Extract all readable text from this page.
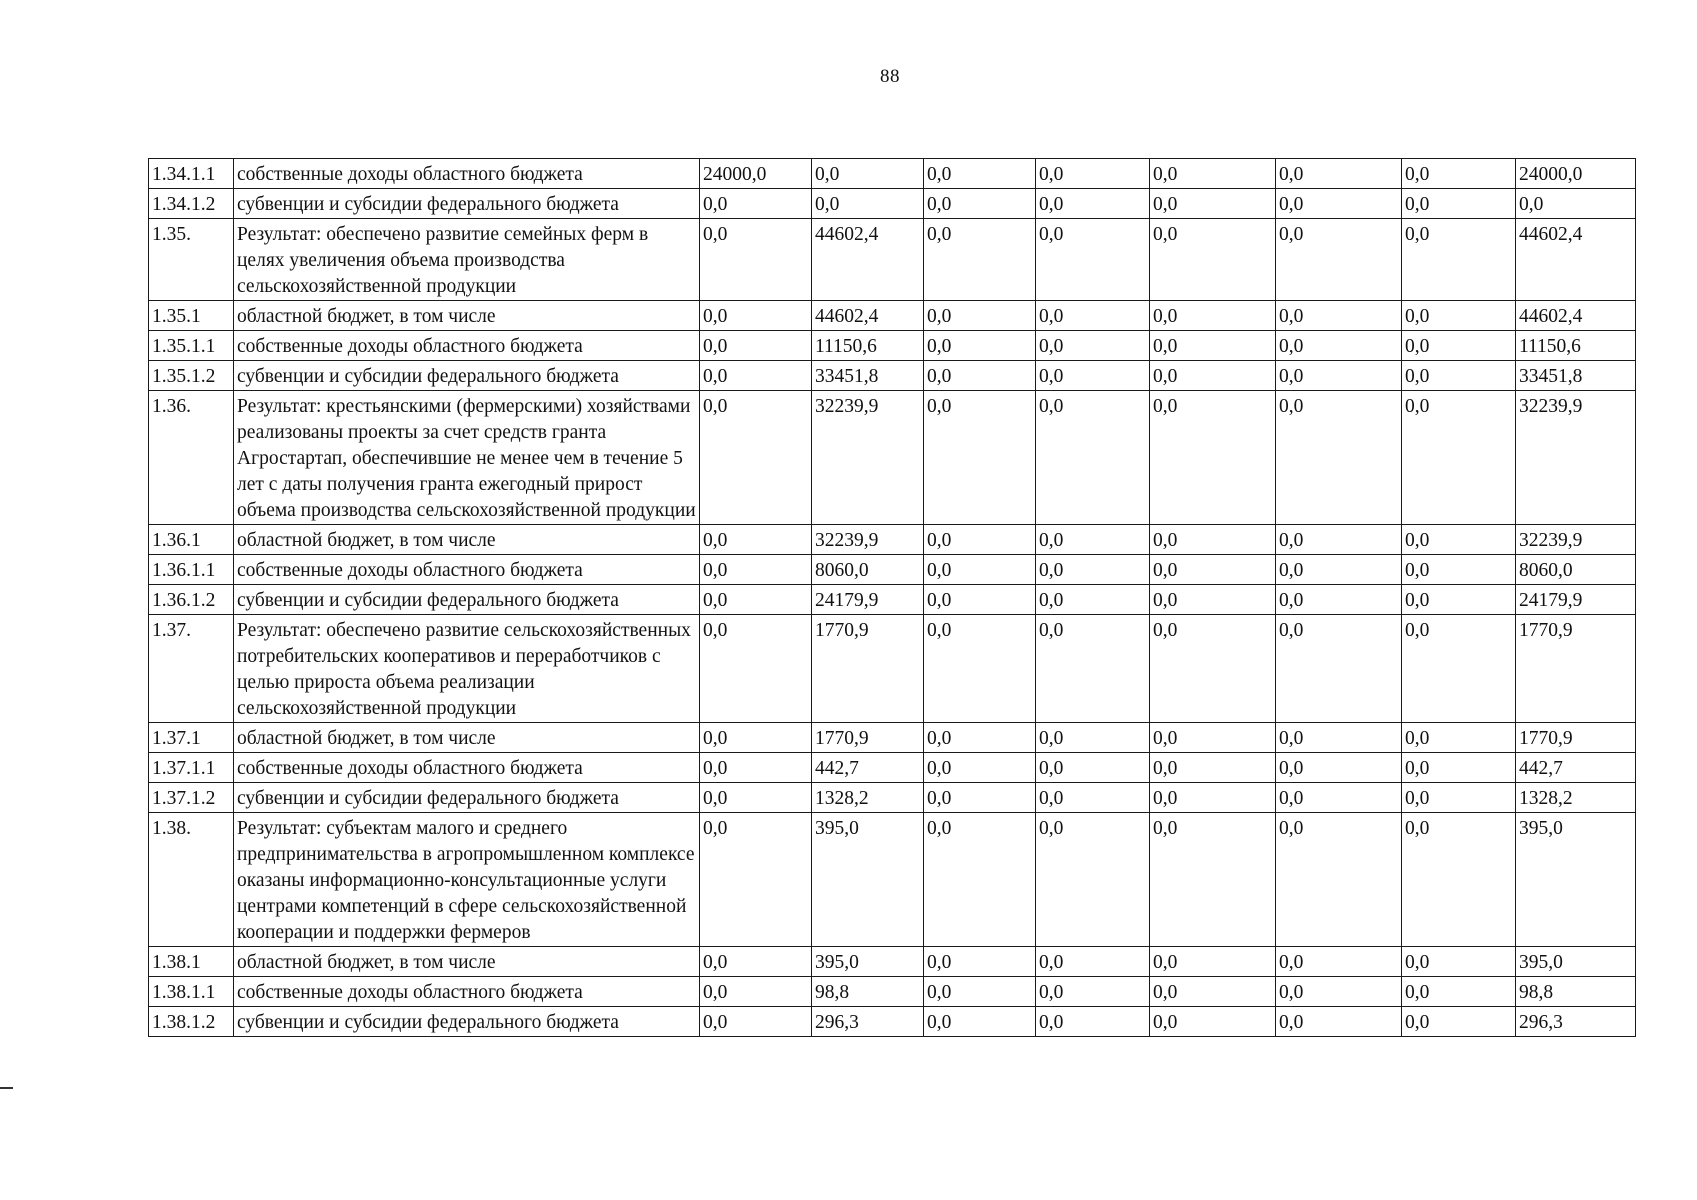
88
1.34.1.1	собственные доходы областного бюджета	24000,0	0,0	0,0	0,0	0,0	0,0	0,0	24000,0
1.34.1.2	субвенции и субсидии федерального бюджета	0,0	0,0	0,0	0,0	0,0	0,0	0,0	0,0
1.35.	Результат: обеспечено развитие семейных ферм в целях увеличения объема производства сельскохозяйственной продукции	0,0	44602,4	0,0	0,0	0,0	0,0	0,0	44602,4
1.35.1	областной бюджет, в том числе	0,0	44602,4	0,0	0,0	0,0	0,0	0,0	44602,4
1.35.1.1	собственные доходы областного бюджета	0,0	11150,6	0,0	0,0	0,0	0,0	0,0	11150,6
1.35.1.2	субвенции и субсидии федерального бюджета	0,0	33451,8	0,0	0,0	0,0	0,0	0,0	33451,8
1.36.	Результат: крестьянскими (фермерскими) хозяйствами реализованы проекты за счет средств гранта Агростартап, обеспечившие не менее чем в течение 5 лет с даты получения гранта ежегодный прирост объема производства сельскохозяйственной продукции	0,0	32239,9	0,0	0,0	0,0	0,0	0,0	32239,9
1.36.1	областной бюджет, в том числе	0,0	32239,9	0,0	0,0	0,0	0,0	0,0	32239,9
1.36.1.1	собственные доходы областного бюджета	0,0	8060,0	0,0	0,0	0,0	0,0	0,0	8060,0
1.36.1.2	субвенции и субсидии федерального бюджета	0,0	24179,9	0,0	0,0	0,0	0,0	0,0	24179,9
1.37.	Результат: обеспечено развитие сельскохозяйственных потребительских кооперативов и переработчиков с целью прироста объема реализации сельскохозяйственной продукции	0,0	1770,9	0,0	0,0	0,0	0,0	0,0	1770,9
1.37.1	областной бюджет, в том числе	0,0	1770,9	0,0	0,0	0,0	0,0	0,0	1770,9
1.37.1.1	собственные доходы областного бюджета	0,0	442,7	0,0	0,0	0,0	0,0	0,0	442,7
1.37.1.2	субвенции и субсидии федерального бюджета	0,0	1328,2	0,0	0,0	0,0	0,0	0,0	1328,2
1.38.	Результат: субъектам малого и среднего предпринимательства в агропромышленном комплексе оказаны информационно-консультационные услуги центрами компетенций в сфере сельскохозяйственной кооперации и поддержки фермеров	0,0	395,0	0,0	0,0	0,0	0,0	0,0	395,0
1.38.1	областной бюджет, в том числе	0,0	395,0	0,0	0,0	0,0	0,0	0,0	395,0
1.38.1.1	собственные доходы областного бюджета	0,0	98,8	0,0	0,0	0,0	0,0	0,0	98,8
1.38.1.2	субвенции и субсидии федерального бюджета	0,0	296,3	0,0	0,0	0,0	0,0	0,0	296,3
